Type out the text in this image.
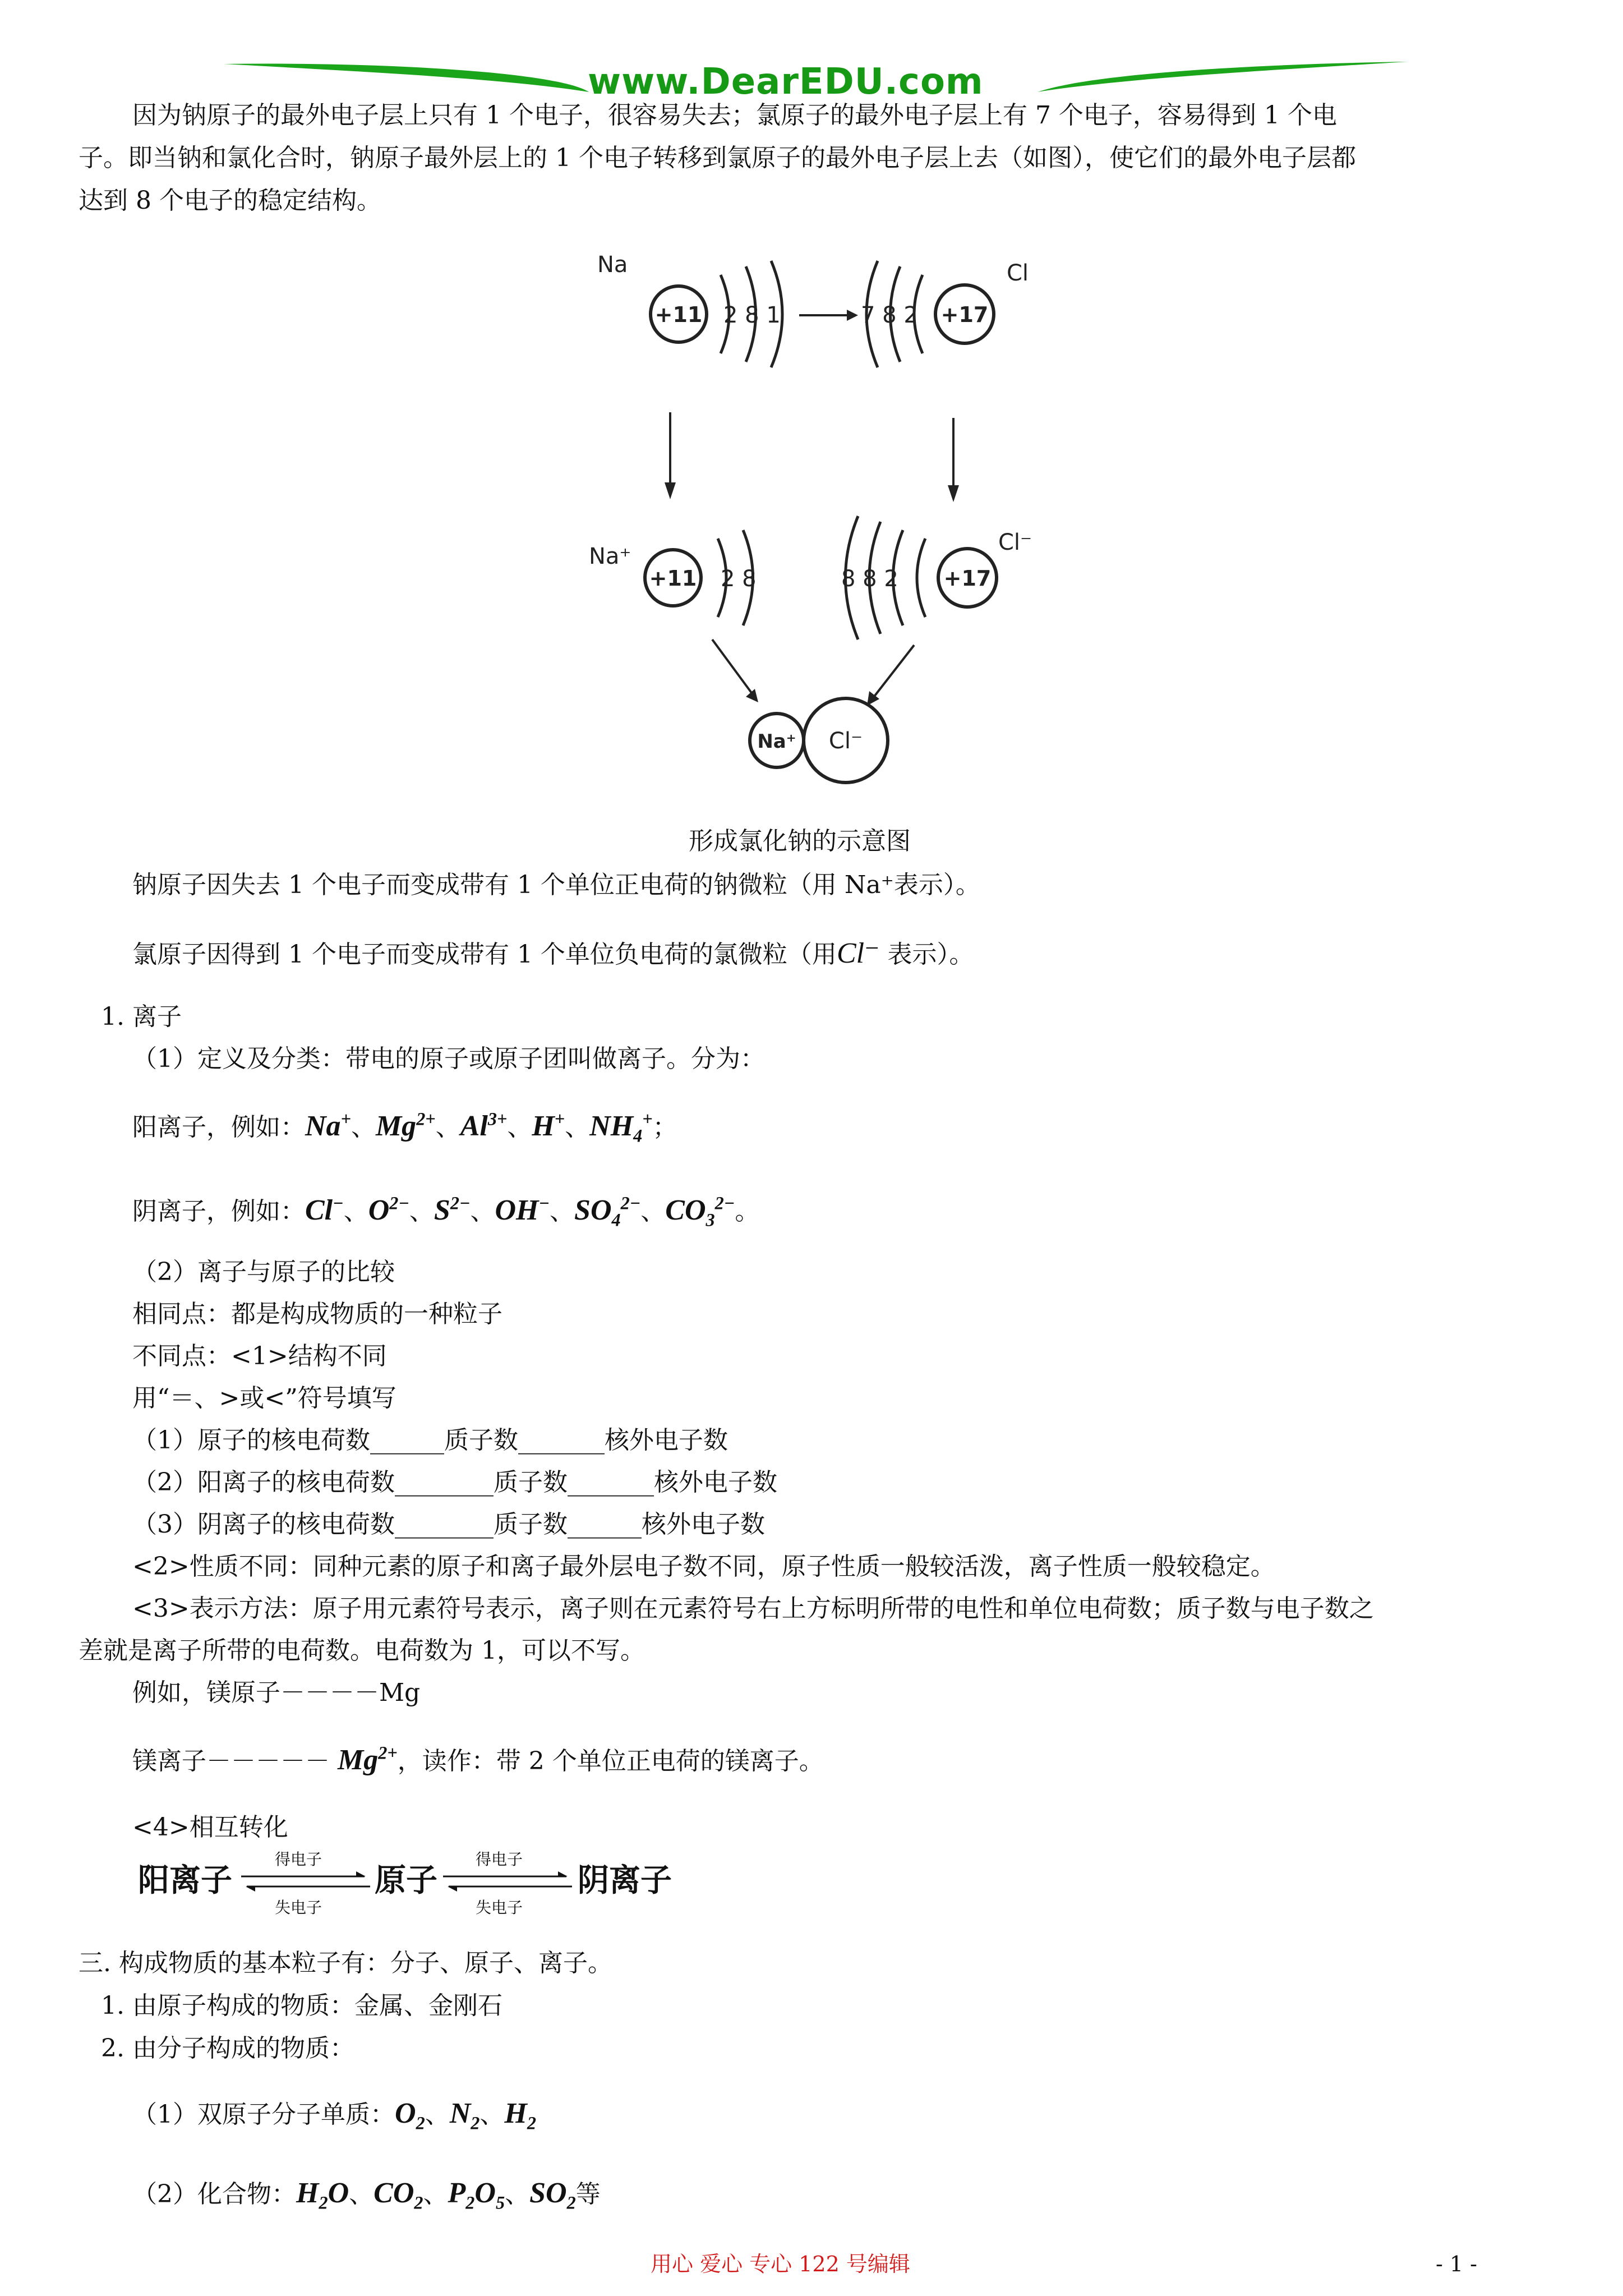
www.DearEDU.com
因为钠原子的最外电子层上只有 1 个电子，很容易失去；氯原子的最外电子层上有 7 个电子，容易得到 1 个电
子。即当钠和氯化合时，钠原子最外层上的 1 个电子转移到氯原子的最外电子层上去（如图），使它们的最外电子层都
达到 8 个电子的稳定结构。
Na
+11 2 8 1	7 8 2 +17
Cl
Na⁺
+11 2 8	8 8 2 +17
Cl⁻
Na⁺ Cl⁻
形成氯化钠的示意图
钠原子因失去 1 个电子而变成带有 1 个单位正电荷的钠微粒（用 Na⁺表示）。
氯原子因得到 1 个电子而变成带有 1 个单位负电荷的氯微粒（用Cl⁻ 表示）。
1. 离子
（1）定义及分类：带电的原子或原子团叫做离子。分为：
阳离子，例如：Na+、$Mg^{2+}$、$Al^{3+}$、H+、$NH_4^+$；
阴离子，例如：Cl−、$O^{2-}$、$S^{2-}$、OH−、$SO_4^{2-}$、$CO_3^{2-}$。
（2）离子与原子的比较
相同点：都是构成物质的一种粒子
不同点：<1>结构不同
用“＝、>或<”符号填写
（1）原子的核电荷数______质子数_______核外电子数
（2）阳离子的核电荷数________质子数_______核外电子数
（3）阴离子的核电荷数________质子数______核外电子数
<2>性质不同：同种元素的原子和离子最外层电子数不同，原子性质一般较活泼，离子性质一般较稳定。
<3>表示方法：原子用元素符号表示，离子则在元素符号右上方标明所带的电性和单位电荷数；质子数与电子数之
差就是离子所带的电荷数。电荷数为 1，可以不写。
例如，镁原子－－－－Mg
镁离子－－－－－ $Mg^{2+}$，读作：带 2 个单位正电荷的镁离子。
<4>相互转化
阳离子
得电子
失电子
原子
得电子
失电子
阴离子
三. 构成物质的基本粒子有：分子、原子、离子。
1. 由原子构成的物质：金属、金刚石
2. 由分子构成的物质：
（1）双原子分子单质：$O_2$、$N_2$、$H_2$
（2）化合物：$H_2O$、$CO_2$、$P_2O_5$、$SO_2$等
用心 爱心 专心 122 号编辑	- 1 -
